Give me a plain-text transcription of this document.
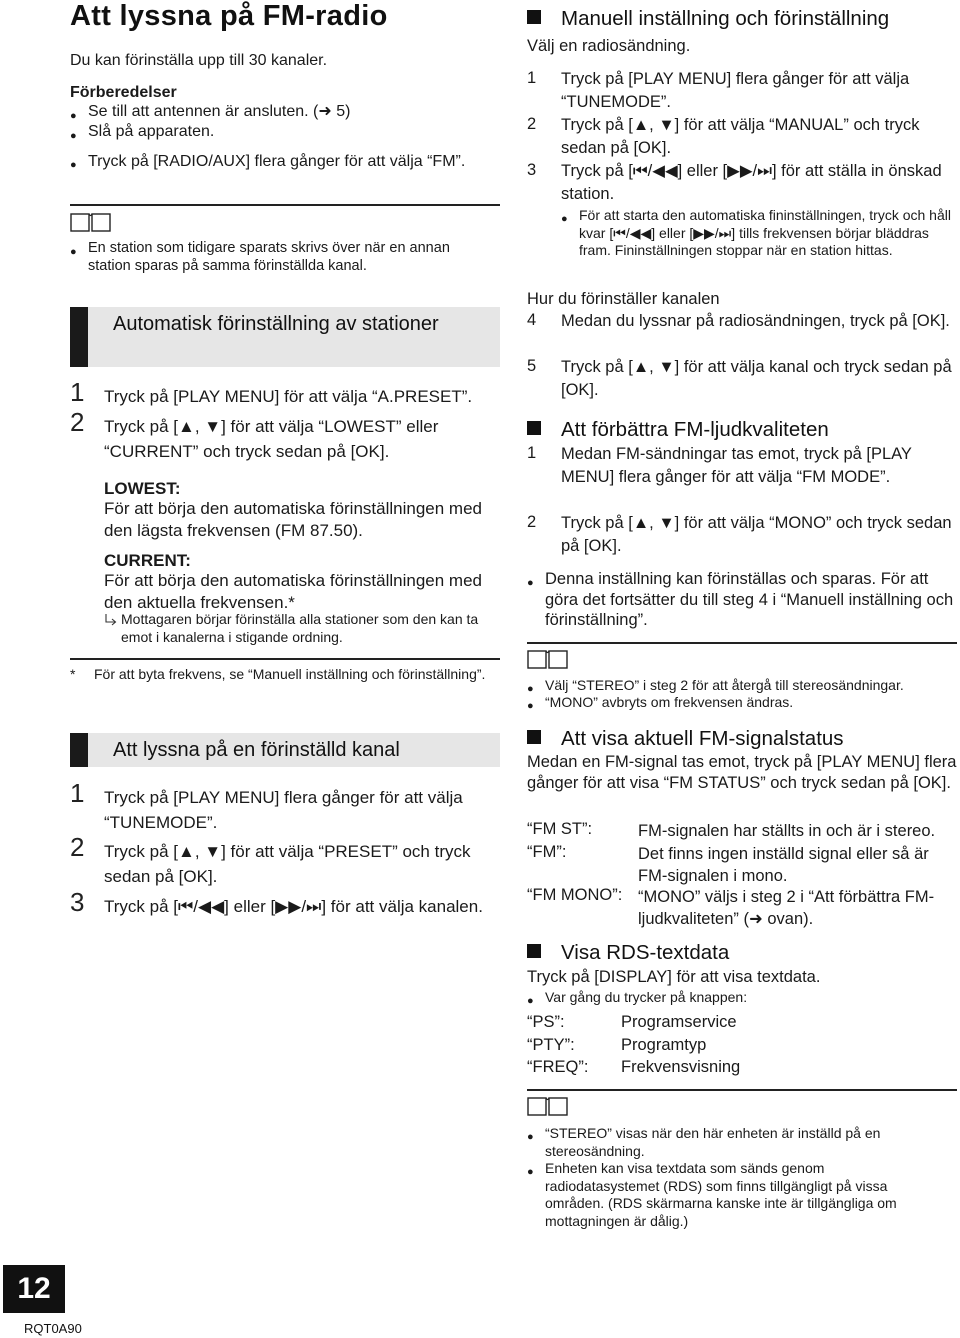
Att lyssna på FM-radio
Du kan förinställa upp till 30 kanaler.
Förberedelser
● Se till att antennen är ansluten. (➜ 5)
● Slå på apparaten.
● Tryck på [RADIO/AUX] flera gånger för att välja “FM”.
● En station som tidigare sparats skrivs över när en annan station sparas på samma förinställda kanal.
Automatisk förinställning av stationer
1 Tryck på [PLAY MENU] för att välja “A.PRESET”.
2 Tryck på [▲, ▼] för att välja “LOWEST” eller “CURRENT” och tryck sedan på [OK].
LOWEST:
För att börja den automatiska förinställningen med den lägsta frekvensen (FM 87.50).
CURRENT:
För att börja den automatiska förinställningen med den aktuella frekvensen.*
Mottagaren börjar förinställa alla stationer som den kan ta emot i kanalerna i stigande ordning.
* För att byta frekvens, se “Manuell inställning och förinställning”.
Att lyssna på en förinställd kanal
1 Tryck på [PLAY MENU] flera gånger för att välja “TUNEMODE”.
2 Tryck på [▲, ▼] för att välja “PRESET” och tryck sedan på [OK].
3 Tryck på [⏮/◀◀] eller [▶▶/⏭] för att välja kanalen.
Manuell inställning och förinställning
Välj en radiosändning.
1 Tryck på [PLAY MENU] flera gånger för att välja “TUNEMODE”.
2 Tryck på [▲, ▼] för att välja “MANUAL” och tryck sedan på [OK].
3 Tryck på [⏮/◀◀] eller [▶▶/⏭] för att ställa in önskad station.
● För att starta den automatiska fininställningen, tryck och håll kvar [⏮/◀◀] eller [▶▶/⏭] tills frekvensen börjar bläddras fram. Fininställningen stoppar när en station hittas.
Hur du förinställer kanalen
4 Medan du lyssnar på radiosändningen, tryck på [OK].
5 Tryck på [▲, ▼] för att välja kanal och tryck sedan på [OK].
Att förbättra FM-ljudkvaliteten
1 Medan FM-sändningar tas emot, tryck på [PLAY MENU] flera gånger för att välja “FM MODE”.
2 Tryck på [▲, ▼] för att välja “MONO” och tryck sedan på [OK].
● Denna inställning kan förinställas och sparas. För att göra det fortsätter du till steg 4 i “Manuell inställning och förinställning”.
● Välj “STEREO” i steg 2 för att återgå till stereosändningar.
● “MONO” avbryts om frekvensen ändras.
Att visa aktuell FM-signalstatus
Medan en FM-signal tas emot, tryck på [PLAY MENU] flera gånger för att visa “FM STATUS” och tryck sedan på [OK].
“FM ST”:	FM-signalen har ställts in och är i stereo.
“FM”:	Det finns ingen inställd signal eller så är FM-signalen i mono.
“FM MONO”: “MONO” väljs i steg 2 i “Att förbättra FM-ljudkvaliteten” (➜ ovan).
Visa RDS-textdata
Tryck på [DISPLAY] för att visa textdata.
● Var gång du trycker på knappen:
“PS”:	Programservice
“PTY”:	Programtyp
“FREQ”: Frekvensvisning
● “STEREO” visas när den här enheten är inställd på en stereosändning.
● Enheten kan visa textdata som sänds genom radiodatasystemet (RDS) som finns tillgängligt på vissa områden. (RDS skärmarna kanske inte är tillgängliga om mottagningen är dålig.)
12
RQT0A90
